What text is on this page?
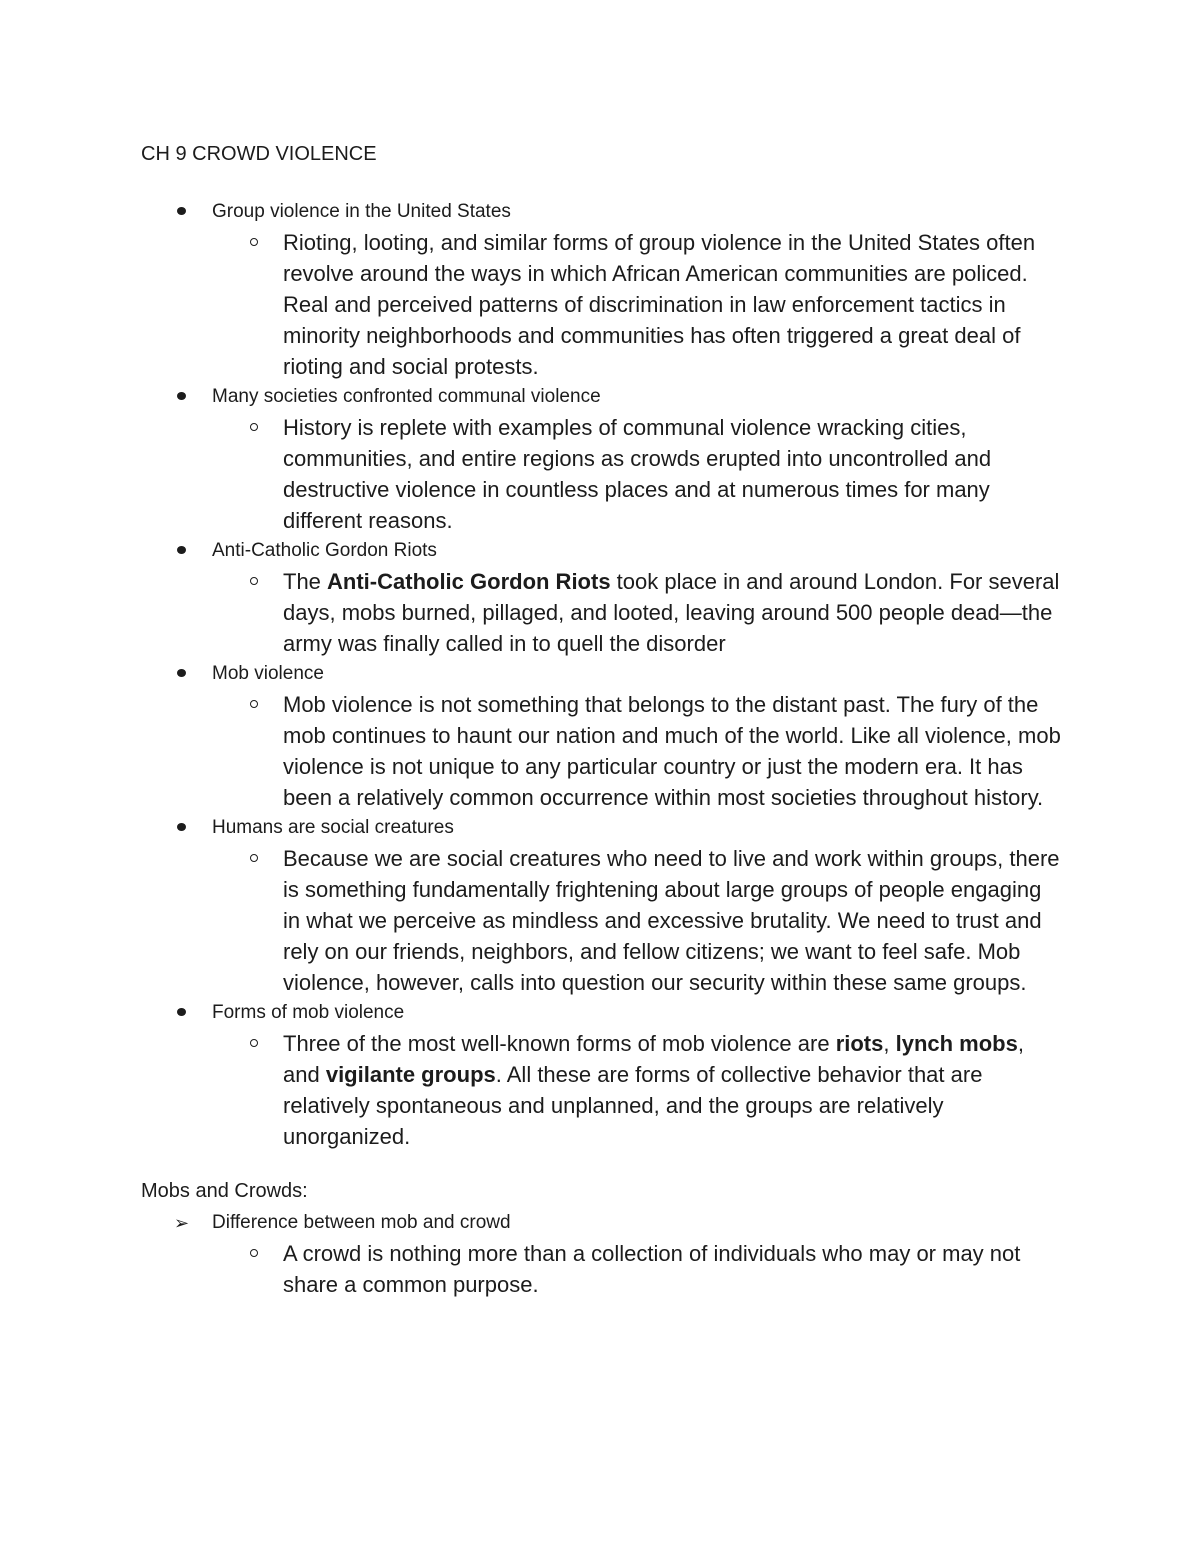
CH 9 CROWD VIOLENCE
Group violence in the United States
Rioting, looting, and similar forms of group violence in the United States often revolve around the ways in which African American communities are policed. Real and perceived patterns of discrimination in law enforcement tactics in minority neighborhoods and communities has often triggered a great deal of rioting and social protests.
Many societies confronted communal violence
History is replete with examples of communal violence wracking cities, communities, and entire regions as crowds erupted into uncontrolled and destructive violence in countless places and at numerous times for many different reasons.
Anti-Catholic Gordon Riots
The Anti-Catholic Gordon Riots took place in and around London. For several days, mobs burned, pillaged, and looted, leaving around 500 people dead—the army was finally called in to quell the disorder
Mob violence
Mob violence is not something that belongs to the distant past. The fury of the mob continues to haunt our nation and much of the world. Like all violence, mob violence is not unique to any particular country or just the modern era. It has been a relatively common occurrence within most societies throughout history.
Humans are social creatures
Because we are social creatures who need to live and work within groups, there is something fundamentally frightening about large groups of people engaging in what we perceive as mindless and excessive brutality. We need to trust and rely on our friends, neighbors, and fellow citizens; we want to feel safe. Mob violence, however, calls into question our security within these same groups.
Forms of mob violence
Three of the most well-known forms of mob violence are riots, lynch mobs, and vigilante groups. All these are forms of collective behavior that are relatively spontaneous and unplanned, and the groups are relatively unorganized.
Mobs and Crowds:
➢ Difference between mob and crowd
A crowd is nothing more than a collection of individuals who may or may not share a common purpose.
